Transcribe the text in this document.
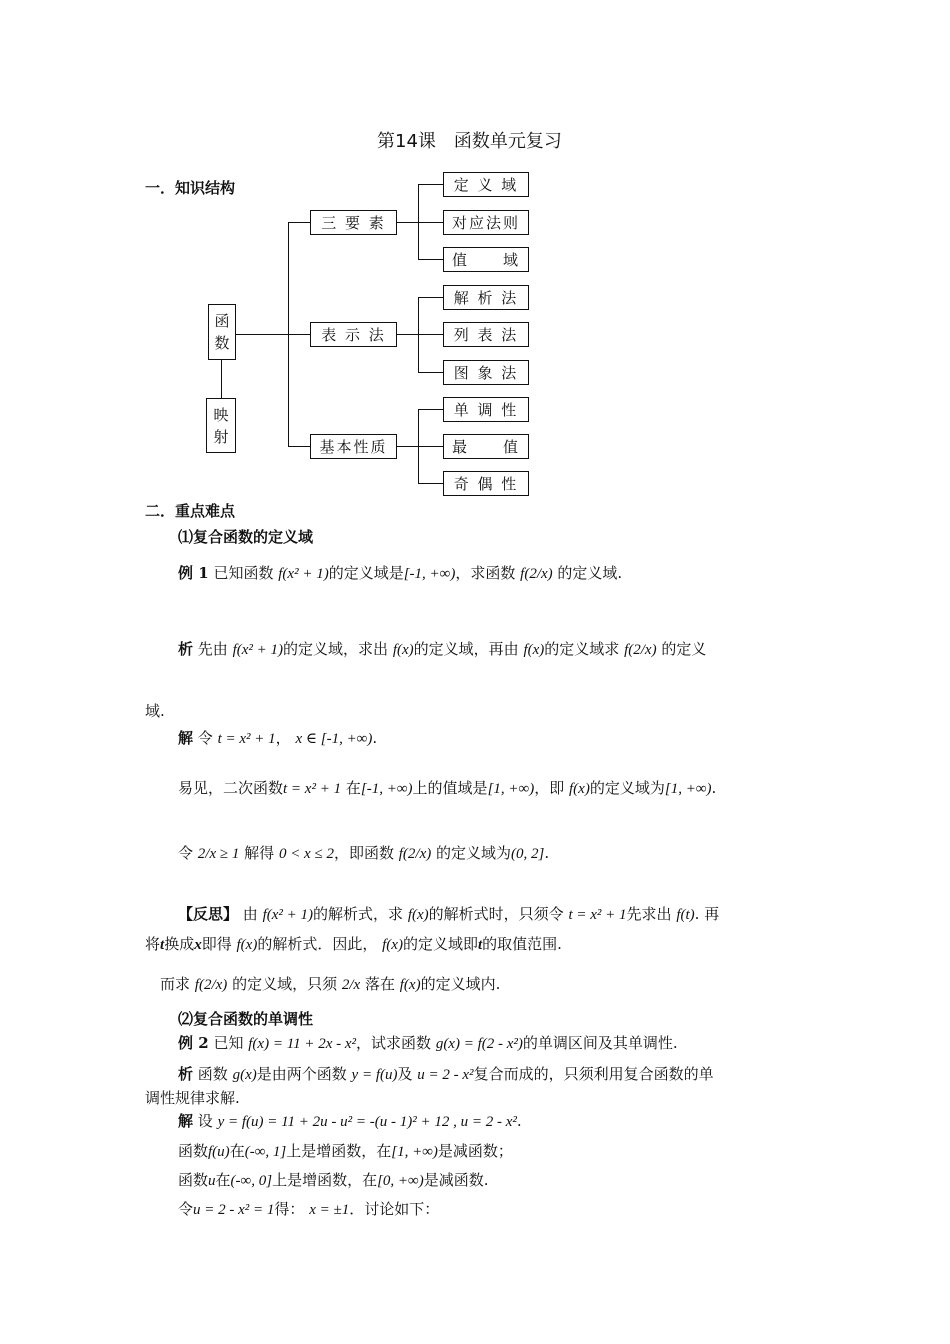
第14课　函数单元复习
一．知识结构
函数
映射
三 要 素
表 示 法
基本性质
定 义 域
对应法则
值　　域
解 析 法
列 表 法
图 象 法
单 调 性
最　　值
奇 偶 性
二．重点难点
⑴复合函数的定义域
例 1 已知函数 f(x² + 1)的定义域是[-1, +∞)，求函数 f(2/x) 的定义域.
析 先由 f(x² + 1)的定义域，求出 f(x)的定义域，再由 f(x)的定义域求 f(2/x) 的定义
域.
解 令 t = x² + 1， x ∈ [-1, +∞).
易见，二次函数t = x² + 1 在[-1, +∞)上的值域是[1, +∞)，即 f(x)的定义域为[1, +∞).
令 2/x ≥ 1 解得 0 < x ≤ 2，即函数 f(2/x) 的定义域为(0, 2].
【反思】 由 f(x² + 1)的解析式，求 f(x)的解析式时，只须令 t = x² + 1先求出 f(t). 再
将t换成x即得 f(x)的解析式．因此， f(x)的定义域即t的取值范围.
而求 f(2/x) 的定义域，只须 2/x 落在 f(x)的定义域内.
⑵复合函数的单调性
例 2 已知 f(x) = 11 + 2x - x²，试求函数 g(x) = f(2 - x²)的单调区间及其单调性.
析 函数 g(x)是由两个函数 y = f(u)及 u = 2 - x²复合而成的，只须利用复合函数的单
调性规律求解.
解 设 y = f(u) = 11 + 2u - u² = -(u - 1)² + 12 , u = 2 - x².
函数f(u)在(-∞, 1]上是增函数，在[1, +∞)是减函数；
函数u在(-∞, 0]上是增函数，在[0, +∞)是减函数.
令u = 2 - x² = 1得： x = ±1．讨论如下：
